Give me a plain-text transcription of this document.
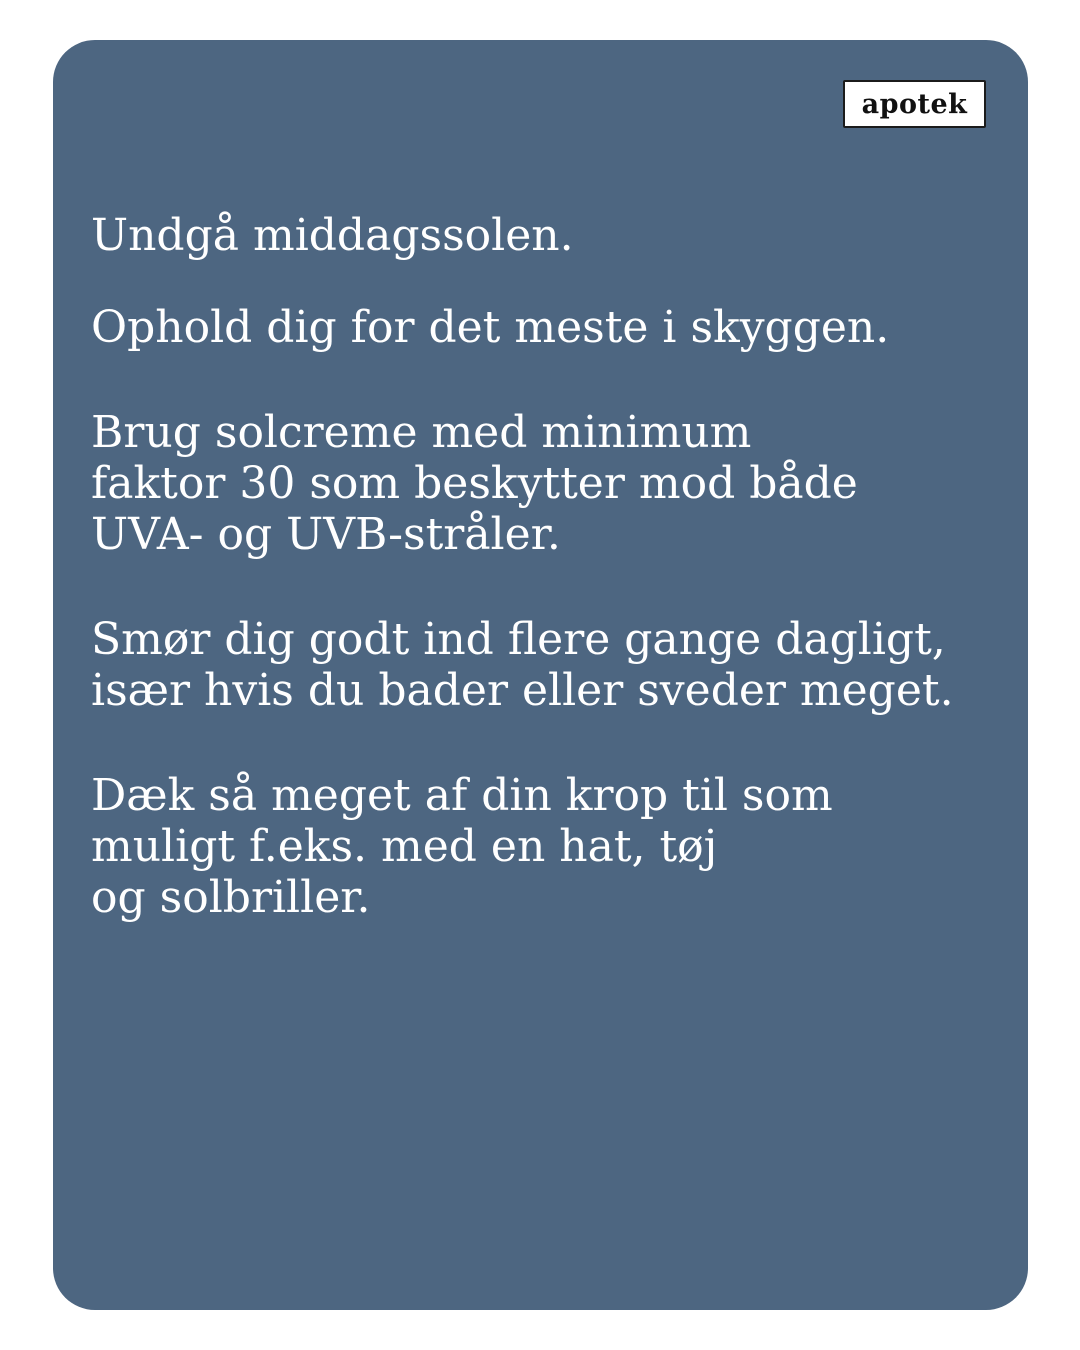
apotek

Undgå middagssolen.

Ophold dig for det meste i skyggen.

Brug solcreme med minimum
faktor 30 som beskytter mod både
UVA- og UVB-stråler.

Smør dig godt ind flere gange dagligt,
især hvis du bader eller sveder meget.

Dæk så meget af din krop til som
muligt f.eks. med en hat, tøj
og solbriller.
